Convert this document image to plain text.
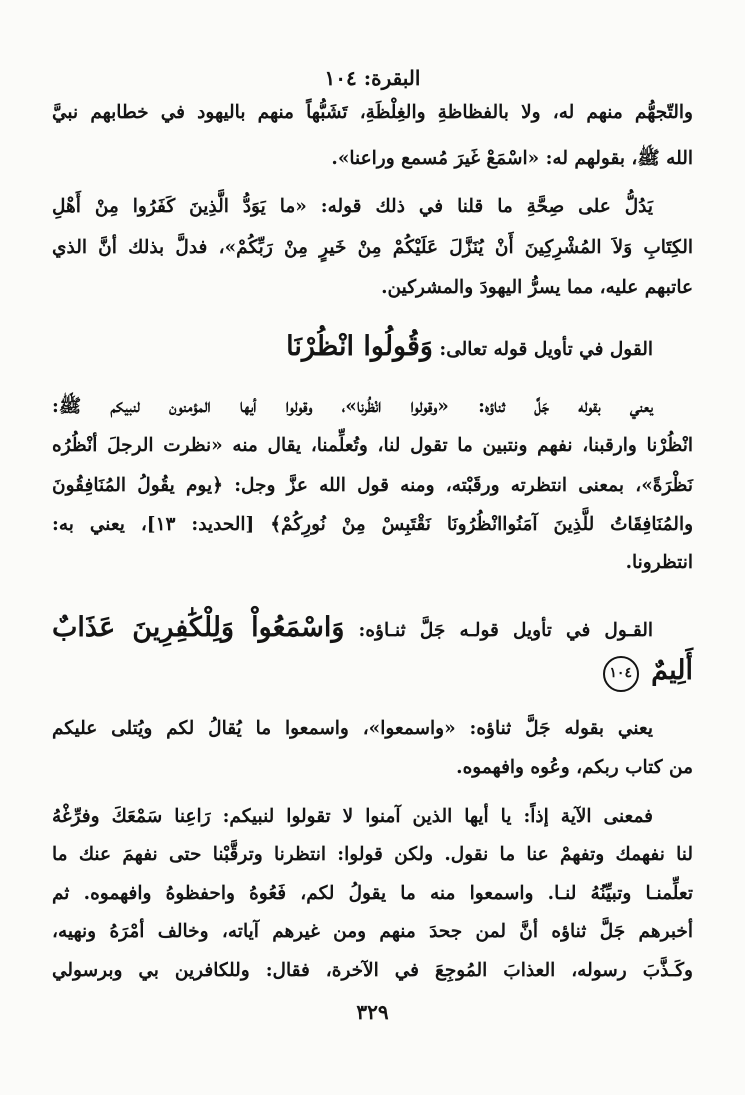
البقرة: ١٠٤
والتّجهُّم منهم له، ولا بالفظاظةِ والغِلْظَةِ، تَشَبُّهاً منهم باليهود في خطابهم نبيَّ
الله ﷺ، بقولهم له: «اسْمَعْ غَيرَ مُسمع وراعنا».
يَدُلُّ على صِحَّةِ ما قلنا في ذلك قوله: «ما يَوَدُّ الَّذِينَ كَفَرُوا مِنْ أَهْلِ
الكِتَابِ وَلاَ المُشْرِكِينَ أَنْ يُنَزَّلَ عَلَيْكُمْ مِنْ خَيرٍ مِنْ رَبِّكُمْ»، فدلَّ بذلك أنَّ الذي
عاتبهم عليه، مما يسرُّ اليهودَ والمشركين.
القول في تأويل قوله تعالى: وَقُولُوا انْظُرْنَا
يعني بقوله جَلَّ ثناؤه: «وقولوا انْظُرنا»، وقولوا أيها المؤمنون لنبيكم ﷺ:
انْظُرْنا وارقبنا، نفهم ونتبين ما تقول لنا، وتُعلِّمنا، يقال منه «نظرت الرجلَ أنْظُرُه
نَظْرَةً»، بمعنى انتظرته ورقَبْته، ومنه قول الله عزَّ وجل: ﴿يوم يقُولُ المُنَافِقُونَ
والمُنَافِقَاتُ للَّذِينَ آمَنُواانْظُرُونَا نَقْتَبِسْ مِنْ نُورِكُمْ﴾ [الحديد: ١٣]، يعني به:
انتظرونا.
القـول في تأويل قولـه جَلَّ ثنـاؤه: وَاسْمَعُواْ وَلِلْكَٰفِرِينَ عَذَابٌ
أَلِيمٌ ١٠٤
يعني بقوله جَلَّ ثناؤه: «واسمعوا»، واسمعوا ما يُقالُ لكم ويُتلى عليكم
من كتاب ربكم، وعُوه وافهموه.
فمعنى الآية إذاً: يا أيها الذين آمنوا لا تقولوا لنبيكم: رَاعِنا سَمْعَكَ وفرِّغْهُ
لنا نفهمك وتفهمْ عنا ما نقول. ولكن قولوا: انتظرنا وترقَّبْنا حتى نفهمَ عنك ما
تعلِّمنـا وتبيِّنُهُ لنـا. واسمعوا منه ما يقولُ لكم، فَعُوهُ واحفظوهُ وافهموه. ثم
أخبرهم جَلَّ ثناؤه أنَّ لمن جحدَ منهم ومن غيرهم آياته، وخالف أمْرَهُ ونهيه،
وكَـذَّبَ رسوله، العذابَ المُوجِعَ في الآخرة، فقال: وللكافرين بي وبرسولي
٣٢٩
